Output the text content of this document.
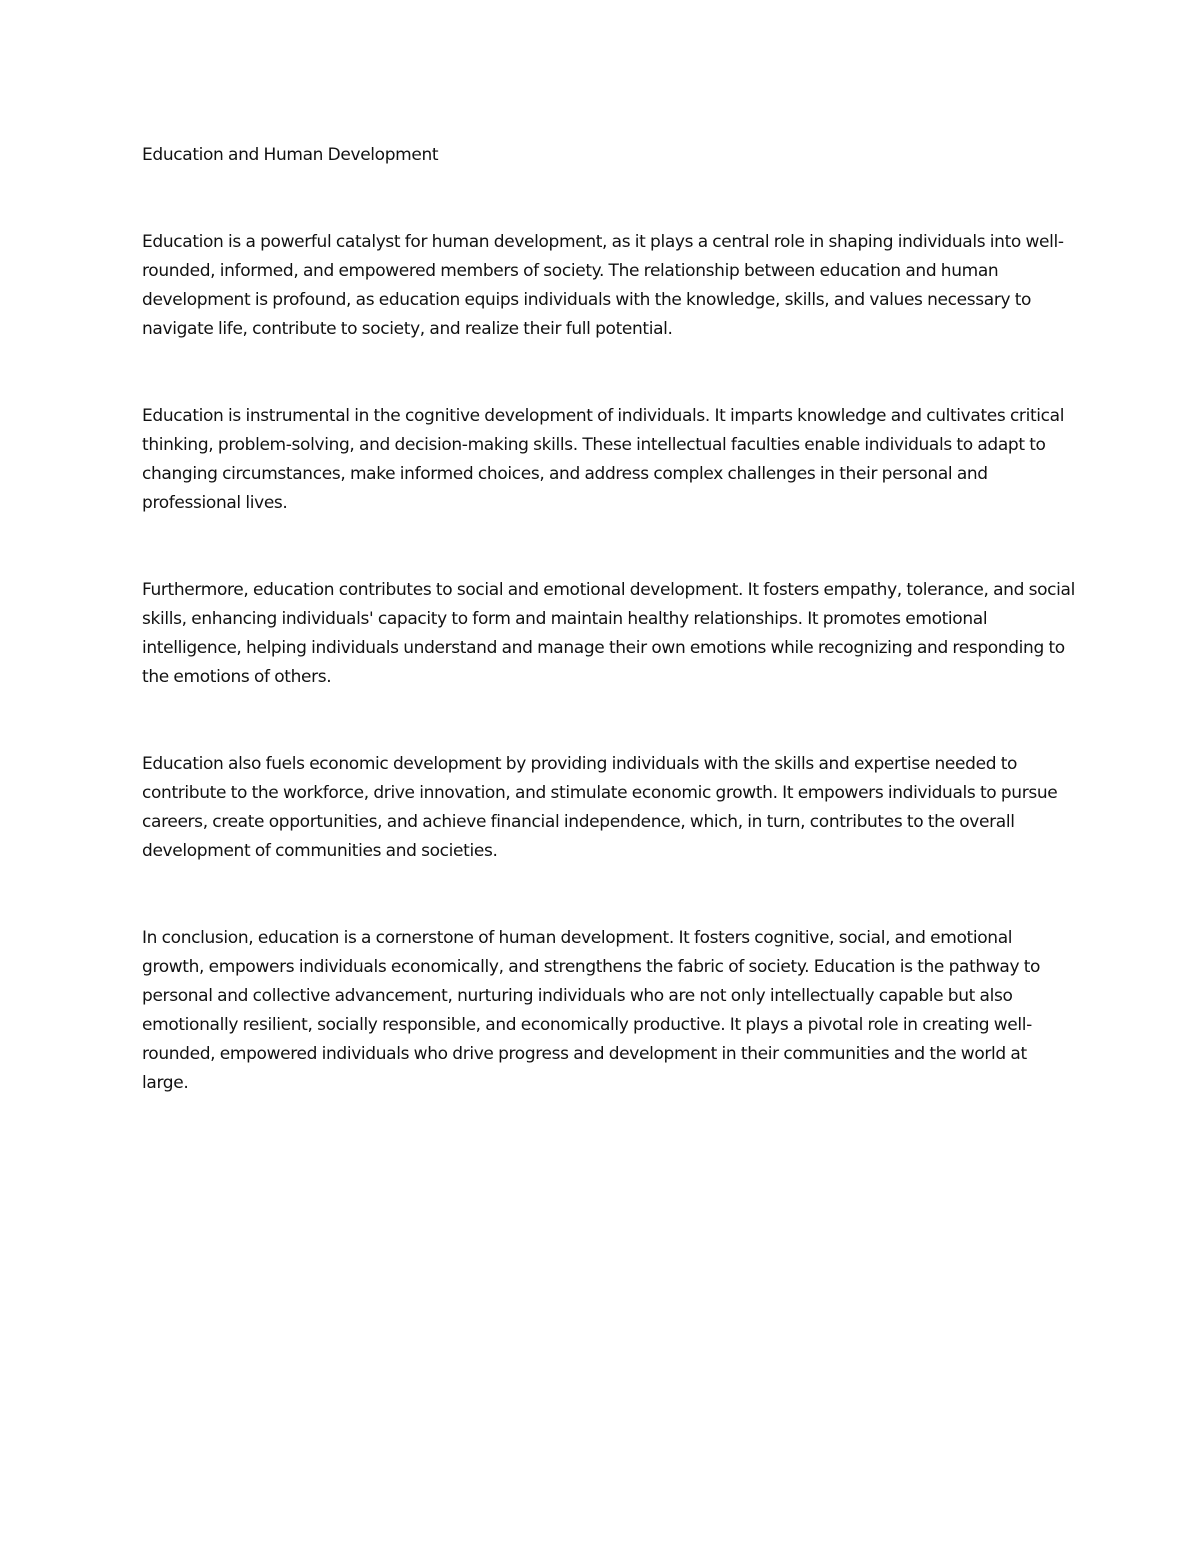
Education and Human Development

Education is a powerful catalyst for human development, as it plays a central role in shaping individuals into well-rounded, informed, and empowered members of society. The relationship between education and human development is profound, as education equips individuals with the knowledge, skills, and values necessary to navigate life, contribute to society, and realize their full potential.

Education is instrumental in the cognitive development of individuals. It imparts knowledge and cultivates critical thinking, problem-solving, and decision-making skills. These intellectual faculties enable individuals to adapt to changing circumstances, make informed choices, and address complex challenges in their personal and professional lives.

Furthermore, education contributes to social and emotional development. It fosters empathy, tolerance, and social skills, enhancing individuals' capacity to form and maintain healthy relationships. It promotes emotional intelligence, helping individuals understand and manage their own emotions while recognizing and responding to the emotions of others.

Education also fuels economic development by providing individuals with the skills and expertise needed to contribute to the workforce, drive innovation, and stimulate economic growth. It empowers individuals to pursue careers, create opportunities, and achieve financial independence, which, in turn, contributes to the overall development of communities and societies.

In conclusion, education is a cornerstone of human development. It fosters cognitive, social, and emotional growth, empowers individuals economically, and strengthens the fabric of society. Education is the pathway to personal and collective advancement, nurturing individuals who are not only intellectually capable but also emotionally resilient, socially responsible, and economically productive. It plays a pivotal role in creating well-rounded, empowered individuals who drive progress and development in their communities and the world at large.
